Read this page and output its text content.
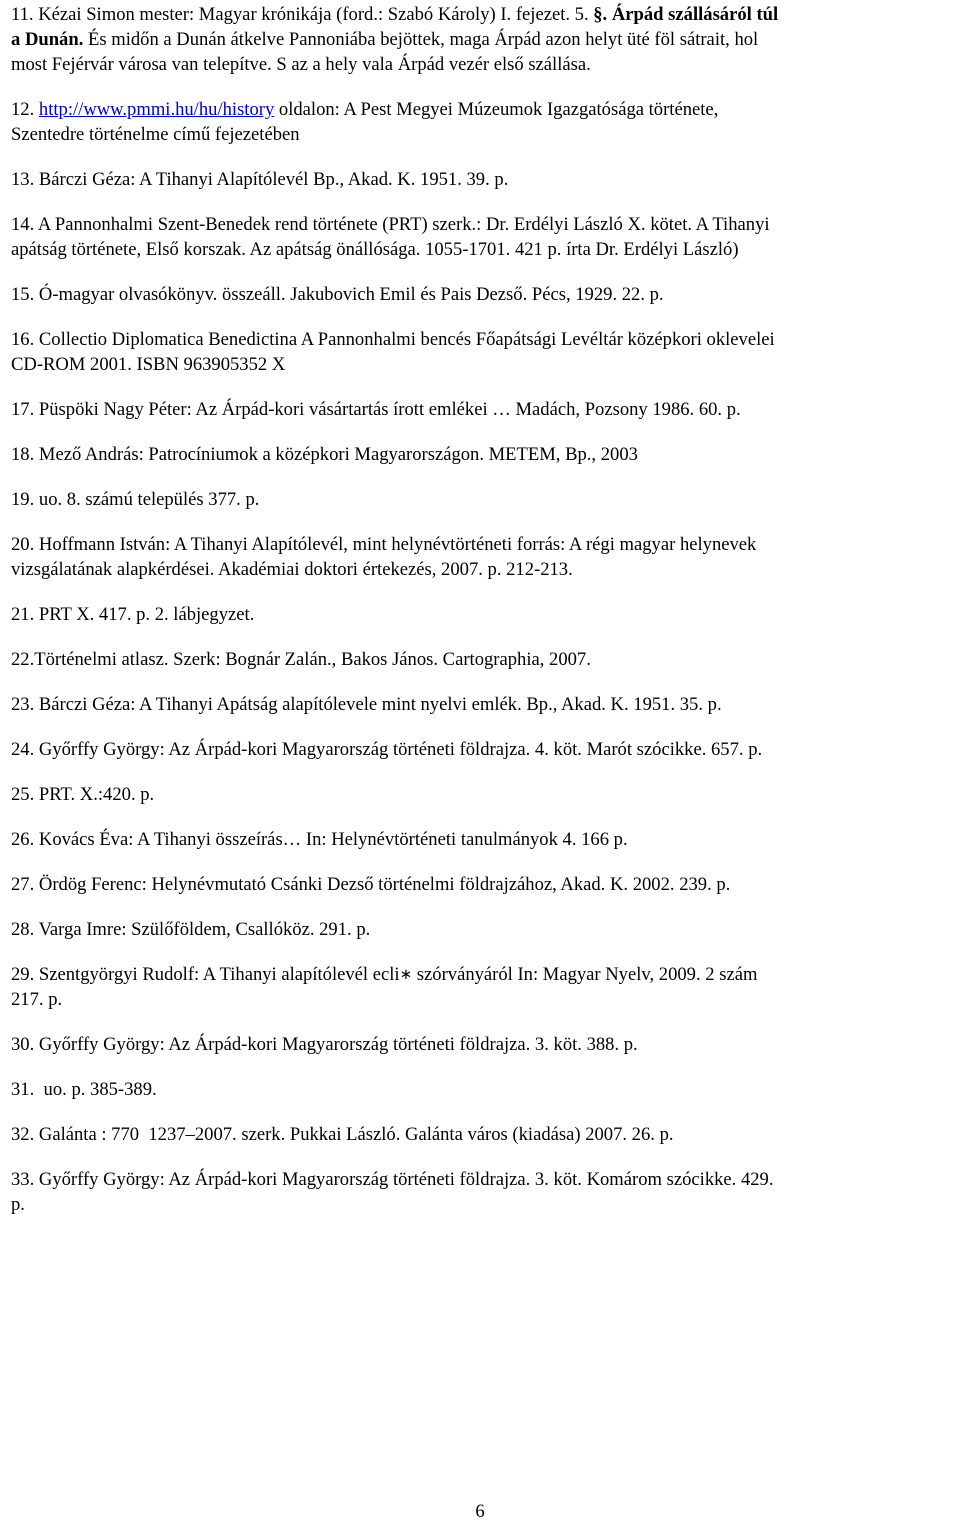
11. Kézai Simon mester: Magyar krónikája (ford.: Szabó Károly) I. fejezet. 5. §. Árpád szállásáról túl
a Dunán. És midőn a Dunán átkelve Pannoniába bejöttek, maga Árpád azon helyt üté föl sátrait, hol
most Fejérvár városa van telepítve. S az a hely vala Árpád vezér első szállása.
12. http://www.pmmi.hu/hu/history oldalon: A Pest Megyei Múzeumok Igazgatósága története,
Szentedre történelme című fejezetében
13. Bárczi Géza: A Tihanyi Alapítólevél Bp., Akad. K. 1951. 39. p.
14. A Pannonhalmi Szent-Benedek rend története (PRT) szerk.: Dr. Erdélyi László X. kötet. A Tihanyi
apátság története, Első korszak. Az apátság önállósága. 1055-1701. 421 p. írta Dr. Erdélyi László)
15. Ó-magyar olvasókönyv. összeáll. Jakubovich Emil és Pais Dezső. Pécs, 1929. 22. p.
16. Collectio Diplomatica Benedictina A Pannonhalmi bencés Főapátsági Levéltár középkori oklevelei
CD-ROM 2001. ISBN 963905352 X
17. Püspöki Nagy Péter: Az Árpád-kori vásártartás írott emlékei … Madách, Pozsony 1986. 60. p.
18. Mező András: Patrocíniumok a középkori Magyarországon. METEM, Bp., 2003
19. uo. 8. számú település 377. p.
20. Hoffmann István: A Tihanyi Alapítólevél, mint helynévtörténeti forrás: A régi magyar helynevek
vizsgálatának alapkérdései. Akadémiai doktori értekezés, 2007. p. 212-213.
21. PRT X. 417. p. 2. lábjegyzet.
22.Történelmi atlasz. Szerk: Bognár Zalán., Bakos János. Cartographia, 2007.
23. Bárczi Géza: A Tihanyi Apátság alapítólevele mint nyelvi emlék. Bp., Akad. K. 1951. 35. p.
24. Győrffy György: Az Árpád-kori Magyarország történeti földrajza. 4. köt. Marót szócikke. 657. p.
25. PRT. X.:420. p.
26. Kovács Éva: A Tihanyi összeírás… In: Helynévtörténeti tanulmányok 4. 166 p.
27. Ördög Ferenc: Helynévmutató Csánki Dezső történelmi földrajzához, Akad. K. 2002. 239. p.
28. Varga Imre: Szülőföldem, Csallóköz. 291. p.
29. Szentgyörgyi Rudolf: A Tihanyi alapítólevél ecli∗ szórványáról In: Magyar Nyelv, 2009. 2 szám
217. p.
30. Győrffy György: Az Árpád-kori Magyarország történeti földrajza. 3. köt. 388. p.
31.  uo. p. 385-389.
32. Galánta : 770  1237–2007. szerk. Pukkai László. Galánta város (kiadása) 2007. 26. p.
33. Győrffy György: Az Árpád-kori Magyarország történeti földrajza. 3. köt. Komárom szócikke. 429.
p.
6
